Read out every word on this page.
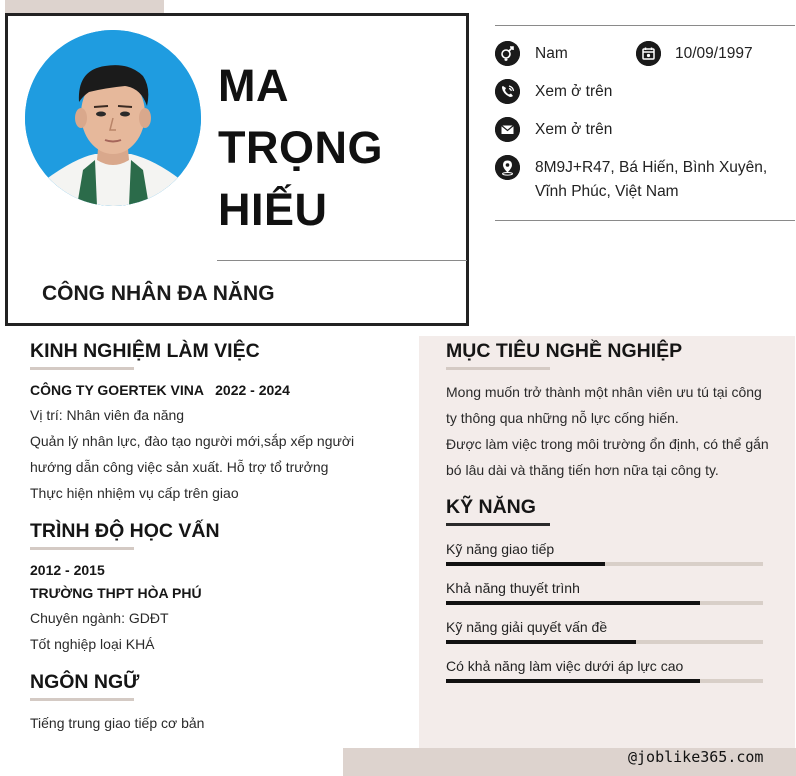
MA
TRỌNG
HIẾU
CÔNG NHÂN ĐA NĂNG
Nam	10/09/1997
Xem ở trên
Xem ở trên
8M9J+R47, Bá Hiến, Bình Xuyên,
Vĩnh Phúc, Việt Nam
KINH NGHIỆM LÀM VIỆC
CÔNG TY GOERTEK VINA   2022 - 2024
Vị trí: Nhân viên đa năng
Quản lý nhân lực, đào tạo người mới,sắp xếp người
hướng dẫn công việc sản xuất. Hỗ trợ tổ trưởng
Thực hiện nhiệm vụ cấp trên giao
TRÌNH ĐỘ HỌC VẤN
2012 - 2015
TRƯỜNG THPT HÒA PHÚ
Chuyên ngành: GDĐT
Tốt nghiệp loại KHÁ
NGÔN NGỮ
Tiếng trung giao tiếp cơ bản
MỤC TIÊU NGHỀ NGHIỆP
Mong muốn trở thành một nhân viên ưu tú tại công
ty thông qua những nỗ lực cống hiến.
Được làm việc trong môi trường ổn định, có thể gắn
bó lâu dài và thăng tiến hơn nữa tại công ty.
KỸ NĂNG
Kỹ năng giao tiếp
Khả năng thuyết trình
Kỹ năng giải quyết vấn đề
Có khả năng làm việc dưới áp lực cao
@joblike365.com
